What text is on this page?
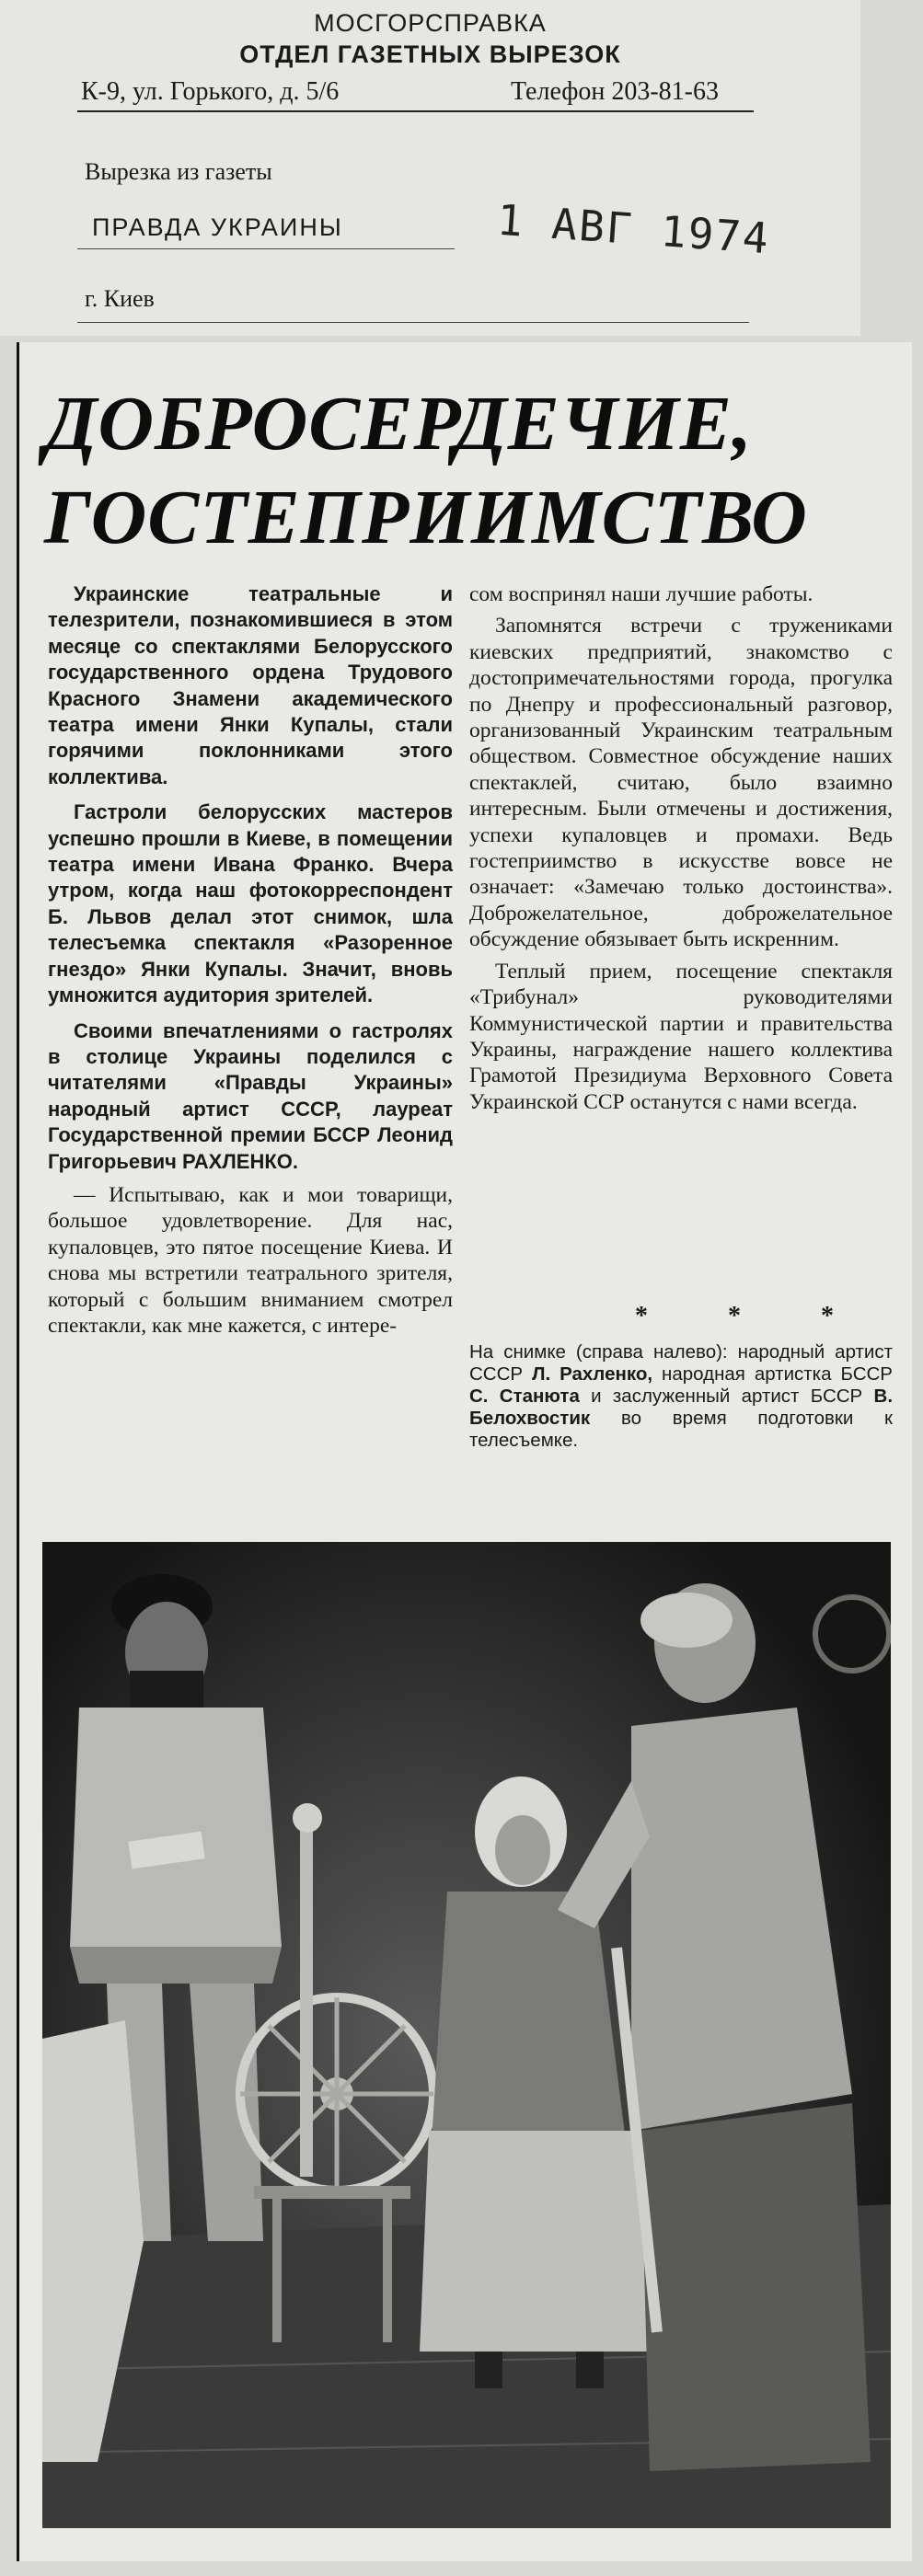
МОСГОРСПРАВКА
ОТДЕЛ ГАЗЕТНЫХ ВЫРЕЗОК
К-9, ул. Горького, д. 5/6	Телефон 203-81-63
Вырезка из газеты
ПРАВДА УКРАИНЫ	1 АВГ 1974
г. Киев
ДОБРОСЕРДЕЧИЕ,
ГОСТЕПРИИМСТВО

Украинские театральные и телезрители, познакомившиеся в этом месяце со спектаклями Белорусского государственного ордена Трудового Красного Знамени академического театра имени Янки Купалы, стали горячими поклонниками этого коллектива.

Гастроли белорусских мастеров успешно прошли в Киеве, в помещении театра имени Ивана Франко. Вчера утром, когда наш фотокорреспондент Б. Львов делал этот снимок, шла телесъемка спектакля «Разоренное гнездо» Янки Купалы. Значит, вновь умножится аудитория зрителей.

Своими впечатлениями о гастролях в столице Украины поделился с читателями «Правды Украины» народный артист СССР, лауреат Государственной премии БССР Леонид Григорьевич РАХЛЕНКО.

— Испытываю, как и мои товарищи, большое удовлетворение. Для нас, купаловцев, это пятое посещение Киева. И снова мы встретили театрального зрителя, который с большим вниманием смотрел спектакли, как мне кажется, с интере-

сом воспринял наши лучшие работы.

Запомнятся встречи с тружениками киевских предприятий, знакомство с достопримечательностями города, прогулка по Днепру и профессиональный разговор, организованный Украинским театральным обществом. Совместное обсуждение наших спектаклей, считаю, было взаимно интересным. Были отмечены и достижения, успехи купаловцев и промахи. Ведь гостеприимство в искусстве вовсе не означает: «Замечаю только достоинства». Доброжелательное, доброжелательное обсуждение обязывает быть искренним.

Теплый прием, посещение спектакля «Трибунал» руководителями Коммунистической партии и правительства Украины, награждение нашего коллектива Грамотой Президиума Верховного Совета Украинской ССР останутся с нами всегда.

* * *
На снимке (справа налево): народный артист СССР Л. Рахленко, народная артистка БССР С. Станюта и заслуженный артист БССР В. Белохвостик во время подготовки к телесъемке.
